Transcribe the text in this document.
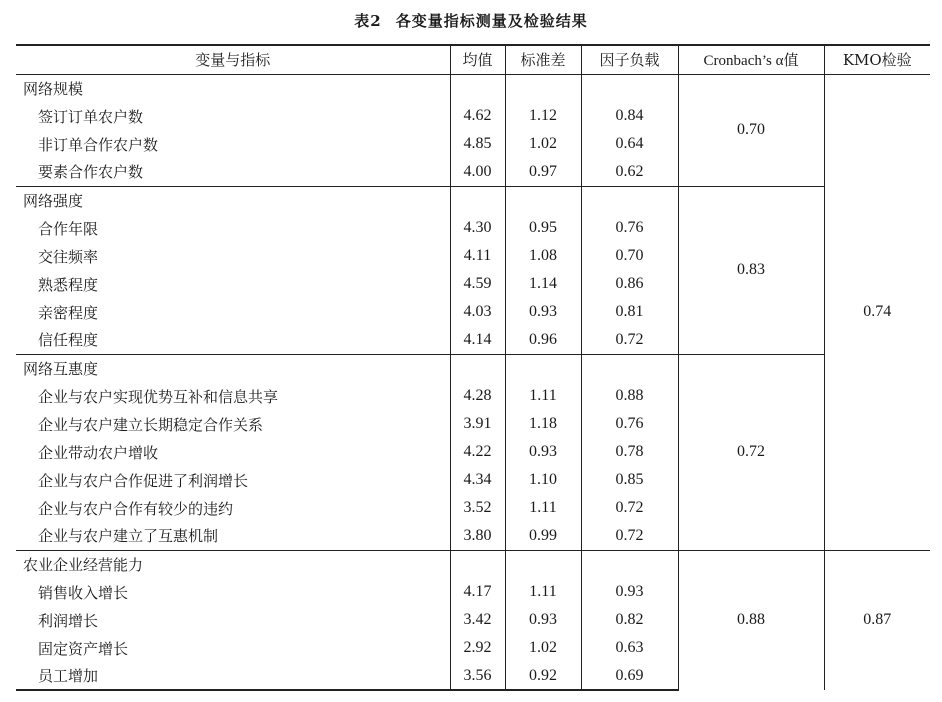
表2 各变量指标测量及检验结果
变量与指标	均值	标准差	因子负载	Cronbach’s α值	KMO检验
网络规模				0.70	0.74
签订订单农户数	4.62	1.12	0.84		
非订单合作农户数	4.85	1.02	0.64		
要素合作农户数	4.00	0.97	0.62		
网络强度				0.83	
合作年限	4.30	0.95	0.76		
交往频率	4.11	1.08	0.70		
熟悉程度	4.59	1.14	0.86		
亲密程度	4.03	0.93	0.81		
信任程度	4.14	0.96	0.72		
网络互惠度				0.72	
企业与农户实现优势互补和信息共享	4.28	1.11	0.88		
企业与农户建立长期稳定合作关系	3.91	1.18	0.76		
企业带动农户增收	4.22	0.93	0.78		
企业与农户合作促进了利润增长	4.34	1.10	0.85		
企业与农户合作有较少的违约	3.52	1.11	0.72		
企业与农户建立了互惠机制	3.80	0.99	0.72		
农业企业经营能力				0.88	0.87
销售收入增长	4.17	1.11	0.93		
利润增长	3.42	0.93	0.82		
固定资产增长	2.92	1.02	0.63		
员工增加	3.56	0.92	0.69		
